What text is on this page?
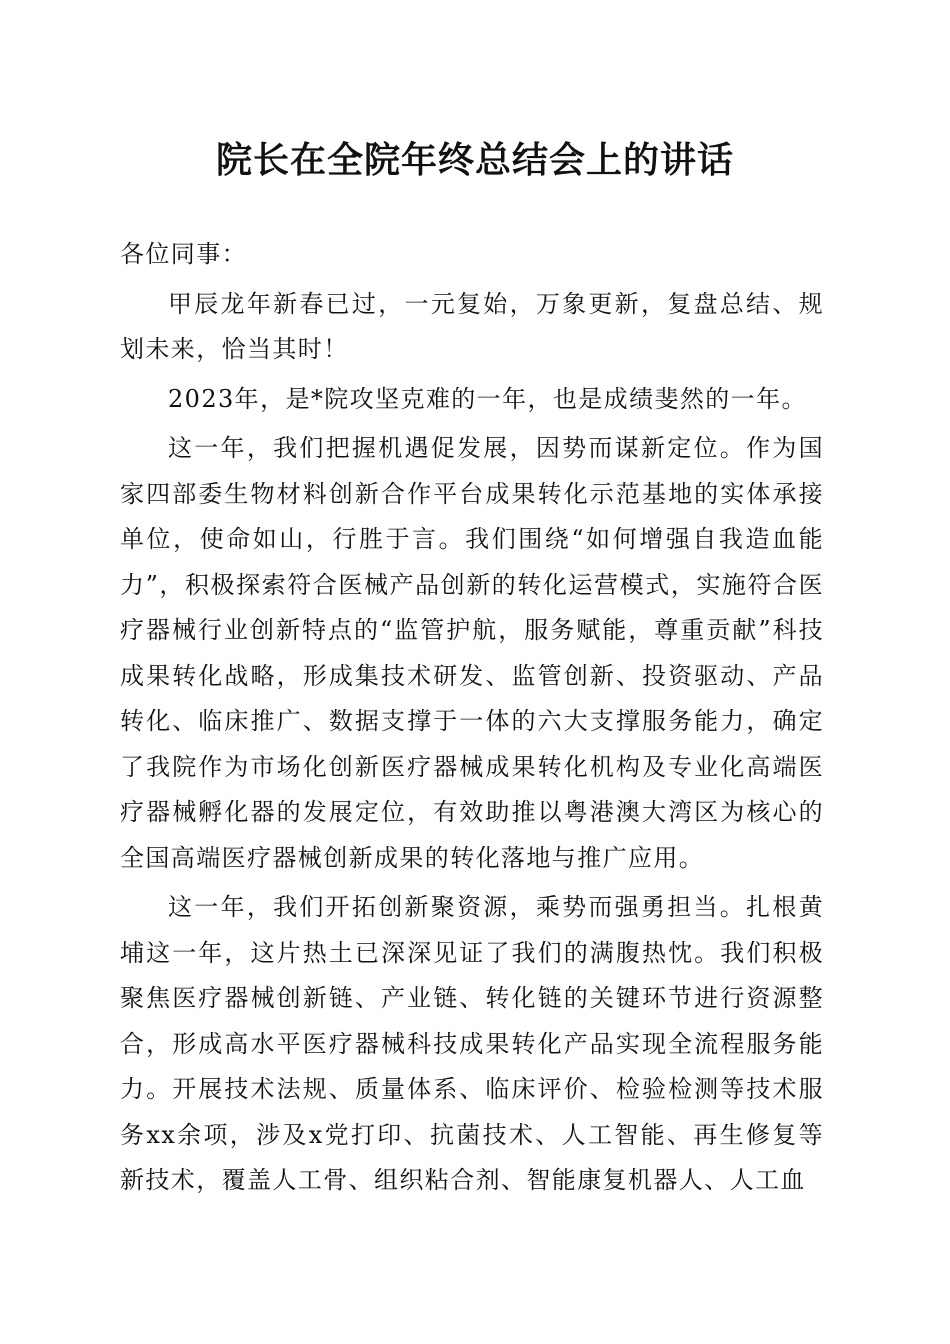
院长在全院年终总结会上的讲话

各位同事：

甲辰龙年新春已过，一元复始，万象更新，复盘总结、规划未来，恰当其时！

2023年，是*院攻坚克难的一年，也是成绩斐然的一年。

这一年，我们把握机遇促发展，因势而谋新定位。作为国家四部委生物材料创新合作平台成果转化示范基地的实体承接单位，使命如山，行胜于言。我们围绕“如何增强自我造血能力”，积极探索符合医械产品创新的转化运营模式，实施符合医疗器械行业创新特点的“监管护航，服务赋能，尊重贡献”科技成果转化战略，形成集技术研发、监管创新、投资驱动、产品转化、临床推广、数据支撑于一体的六大支撑服务能力，确定了我院作为市场化创新医疗器械成果转化机构及专业化高端医疗器械孵化器的发展定位，有效助推以粤港澳大湾区为核心的全国高端医疗器械创新成果的转化落地与推广应用。

这一年，我们开拓创新聚资源，乘势而强勇担当。扎根黄埔这一年，这片热土已深深见证了我们的满腹热忱。我们积极聚焦医疗器械创新链、产业链、转化链的关键环节进行资源整合，形成高水平医疗器械科技成果转化产品实现全流程服务能力。开展技术法规、质量体系、临床评价、检验检测等技术服务xx余项，涉及x党打印、抗菌技术、人工智能、再生修复等新技术，覆盖人工骨、组织粘合剂、智能康复机器人、人工血
